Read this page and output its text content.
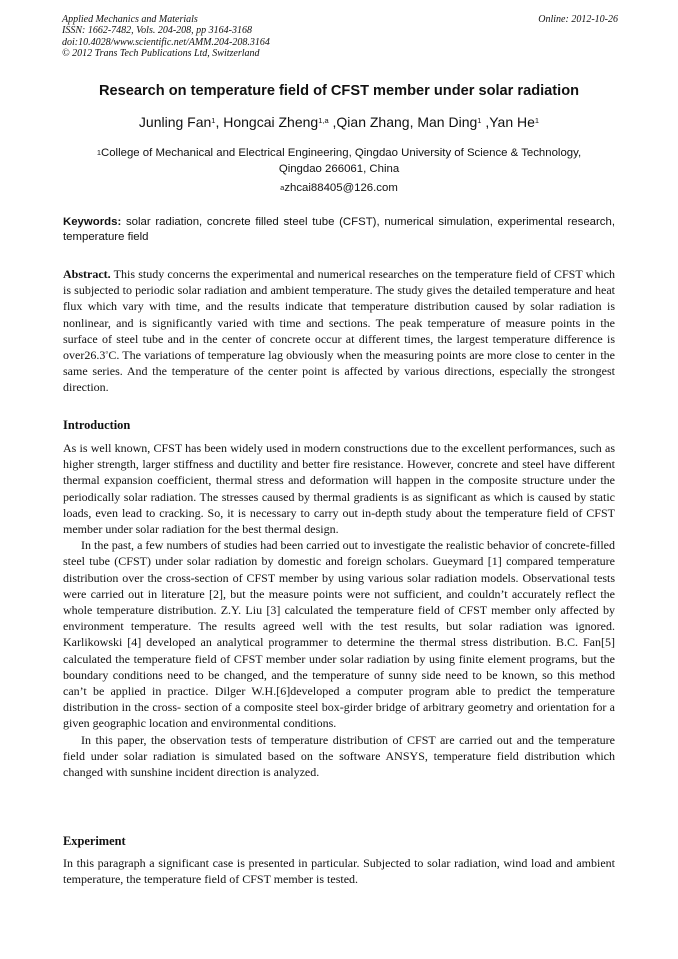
Applied Mechanics and Materials
ISSN: 1662-7482, Vols. 204-208, pp 3164-3168
doi:10.4028/www.scientific.net/AMM.204-208.3164
© 2012 Trans Tech Publications Ltd, Switzerland
Online: 2012-10-26
Research on temperature field of CFST member under solar radiation
Junling Fan$^1$, Hongcai Zheng$^{1,a}$ ,Qian Zhang, Man Ding$^1$ ,Yan He$^1$
$^1$College of Mechanical and Electrical Engineering, Qingdao University of Science & Technology,
Qingdao 266061, China
$^a$zhcai88405@126.com
Keywords: solar radiation, concrete filled steel tube (CFST), numerical simulation, experimental research, temperature field
Abstract. This study concerns the experimental and numerical researches on the temperature field of CFST which is subjected to periodic solar radiation and ambient temperature. The study gives the detailed temperature and heat flux which vary with time, and the results indicate that temperature distribution caused by solar radiation is nonlinear, and is significantly varied with time and sections. The peak temperature of measure points in the surface of steel tube and in the center of concrete occur at different times, the largest temperature difference is over26.3°C. The variations of temperature lag obviously when the measuring points are more close to center in the same series. And the temperature of the center point is affected by various directions, especially the strongest direction.
Introduction

As is well known, CFST has been widely used in modern constructions due to the excellent performances, such as higher strength, larger stiffness and ductility and better fire resistance. However, concrete and steel have different thermal expansion coefficient, thermal stress and deformation will happen in the composite structure under the periodically solar radiation. The stresses caused by thermal gradients is as significant as which is caused by static loads, even lead to cracking. So, it is necessary to carry out in-depth study about the temperature field of CFST member under solar radiation for the best thermal design.

In the past, a few numbers of studies had been carried out to investigate the realistic behavior of concrete-filled steel tube (CFST) under solar radiation by domestic and foreign scholars. Gueymard [1] compared temperature distribution over the cross-section of CFST member by using various solar radiation models. Observational tests were carried out in literature [2], but the measure points were not sufficient, and couldn’t accurately reflect the whole temperature distribution. Z.Y. Liu [3] calculated the temperature field of CFST member only affected by environment temperature. The results agreed well with the test results, but solar radiation was ignored. Karlikowski [4] developed an analytical programmer to determine the thermal stress distribution. B.C. Fan[5] calculated the temperature field of CFST member under solar radiation by using finite element programs, but the boundary conditions need to be changed, and the temperature of sunny side need to be known, so this method can’t be applied in practice. Dilger W.H.[6]developed a computer program able to predict the temperature distribution in the cross- section of a composite steel box-girder bridge of arbitrary geometry and orientation for a given geographic location and environmental conditions.

In this paper, the observation tests of temperature distribution of CFST are carried out and the temperature field under solar radiation is simulated based on the software ANSYS, temperature field distribution which changed with sunshine incident direction is analyzed.

Experiment

In this paragraph a significant case is presented in particular. Subjected to solar radiation, wind load and ambient temperature, the temperature field of CFST member is tested.
